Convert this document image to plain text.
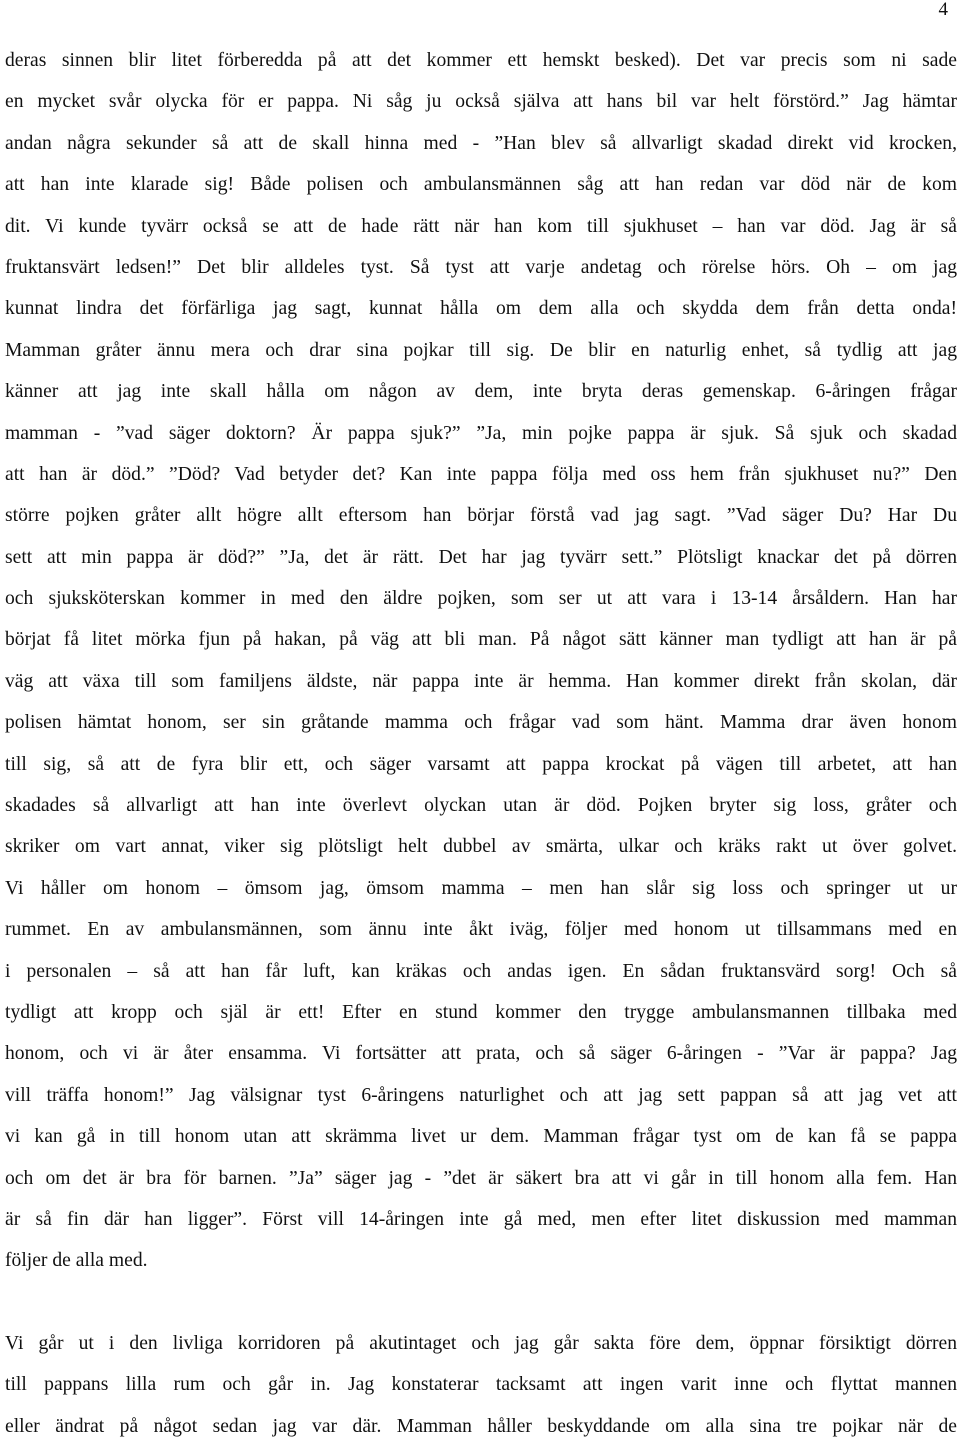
4
deras sinnen blir litet förberedda på att det kommer ett hemskt besked). Det var precis som ni sade
en mycket svår olycka för er pappa. Ni såg ju också själva att hans bil var helt förstörd.” Jag hämtar
andan några sekunder så att de skall hinna med - ”Han blev så allvarligt skadad direkt vid krocken,
att han inte klarade sig! Både polisen och ambulansmännen såg att han redan var död när de kom
dit. Vi kunde tyvärr också se att de hade rätt när han kom till sjukhuset – han var död. Jag är så
fruktansvärt ledsen!” Det blir alldeles tyst. Så tyst att varje andetag och rörelse hörs. Oh – om jag
kunnat lindra det förfärliga jag sagt, kunnat hålla om dem alla och skydda dem från detta onda!
Mamman gråter ännu mera och drar sina pojkar till sig. De blir en naturlig enhet, så tydlig att jag
känner att jag inte skall hålla om någon av dem, inte bryta deras gemenskap. 6-åringen frågar
mamman - ”vad säger doktorn? Är pappa sjuk?” ”Ja, min pojke pappa är sjuk. Så sjuk och skadad
att han är död.” ”Död? Vad betyder det? Kan inte pappa följa med oss hem från sjukhuset nu?” Den
större pojken gråter allt högre allt eftersom han börjar förstå vad jag sagt. ”Vad säger Du? Har Du
sett att min pappa är död?” ”Ja, det är rätt. Det har jag tyvärr sett.” Plötsligt knackar det på dörren
och sjuksköterskan kommer in med den äldre pojken, som ser ut att vara i 13-14 årsåldern. Han har
börjat få litet mörka fjun på hakan, på väg att bli man. På något sätt känner man tydligt att han är på
väg att växa till som familjens äldste, när pappa inte är hemma. Han kommer direkt från skolan, där
polisen hämtat honom, ser sin gråtande mamma och frågar vad som hänt. Mamma drar även honom
till sig, så att de fyra blir ett, och säger varsamt att pappa krockat på vägen till arbetet, att han
skadades så allvarligt att han inte överlevt olyckan utan är död. Pojken bryter sig loss, gråter och
skriker om vart annat, viker sig plötsligt helt dubbel av smärta, ulkar och kräks rakt ut över golvet.
Vi håller om honom – ömsom jag, ömsom mamma – men han slår sig loss och springer ut ur
rummet. En av ambulansmännen, som ännu inte åkt iväg, följer med honom ut tillsammans med en
i personalen – så att han får luft, kan kräkas och andas igen. En sådan fruktansvärd sorg! Och så
tydligt att kropp och själ är ett! Efter en stund kommer den trygge ambulansmannen tillbaka med
honom, och vi är åter ensamma. Vi fortsätter att prata, och så säger 6-åringen - ”Var är pappa? Jag
vill träffa honom!” Jag välsignar tyst 6-åringens naturlighet och att jag sett pappan så att jag vet att
vi kan gå in till honom utan att skrämma livet ur dem. Mamman frågar tyst om de kan få se pappa
och om det är bra för barnen. ”Ja” säger jag - ”det är säkert bra att vi går in till honom alla fem. Han
är så fin där han ligger”. Först vill 14-åringen inte gå med, men efter litet diskussion med mamman
följer de alla med.
Vi går ut i den livliga korridoren på akutintaget och jag går sakta före dem, öppnar försiktigt dörren
till pappans lilla rum och går in. Jag konstaterar tacksamt att ingen varit inne och flyttat mannen
eller ändrat på något sedan jag var där. Mamman håller beskyddande om alla sina tre pojkar när de
